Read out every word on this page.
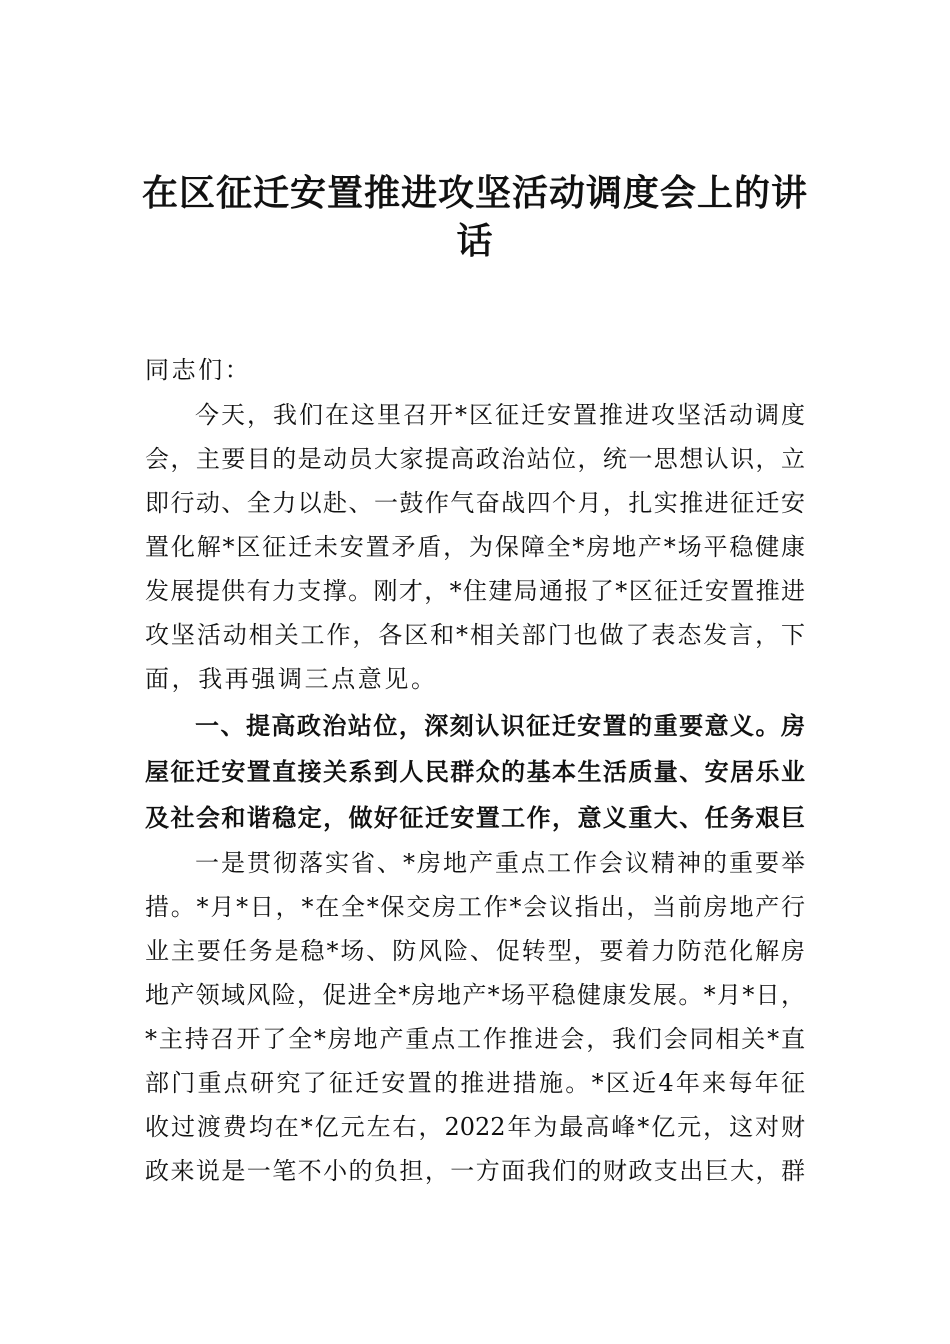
在区征迁安置推进攻坚活动调度会上的讲
话

同志们：

今天，我们在这里召开*区征迁安置推进攻坚活动调度

会，主要目的是动员大家提高政治站位，统一思想认识，立

即行动、全力以赴、一鼓作气奋战四个月，扎实推进征迁安

置化解*区征迁未安置矛盾，为保障全*房地产*场平稳健康

发展提供有力支撑。刚才，*住建局通报了*区征迁安置推进

攻坚活动相关工作，各区和*相关部门也做了表态发言，下

面，我再强调三点意见。

一、提高政治站位，深刻认识征迁安置的重要意义。房

屋征迁安置直接关系到人民群众的基本生活质量、安居乐业

及社会和谐稳定，做好征迁安置工作，意义重大、任务艰巨

一是贯彻落实省、*房地产重点工作会议精神的重要举

措。*月*日，*在全*保交房工作*会议指出，当前房地产行

业主要任务是稳*场、防风险、促转型，要着力防范化解房

地产领域风险，促进全*房地产*场平稳健康发展。*月*日，

*主持召开了全*房地产重点工作推进会，我们会同相关*直

部门重点研究了征迁安置的推进措施。*区近4年来每年征

收过渡费均在*亿元左右，2022年为最高峰*亿元，这对财

政来说是一笔不小的负担，一方面我们的财政支出巨大，群
